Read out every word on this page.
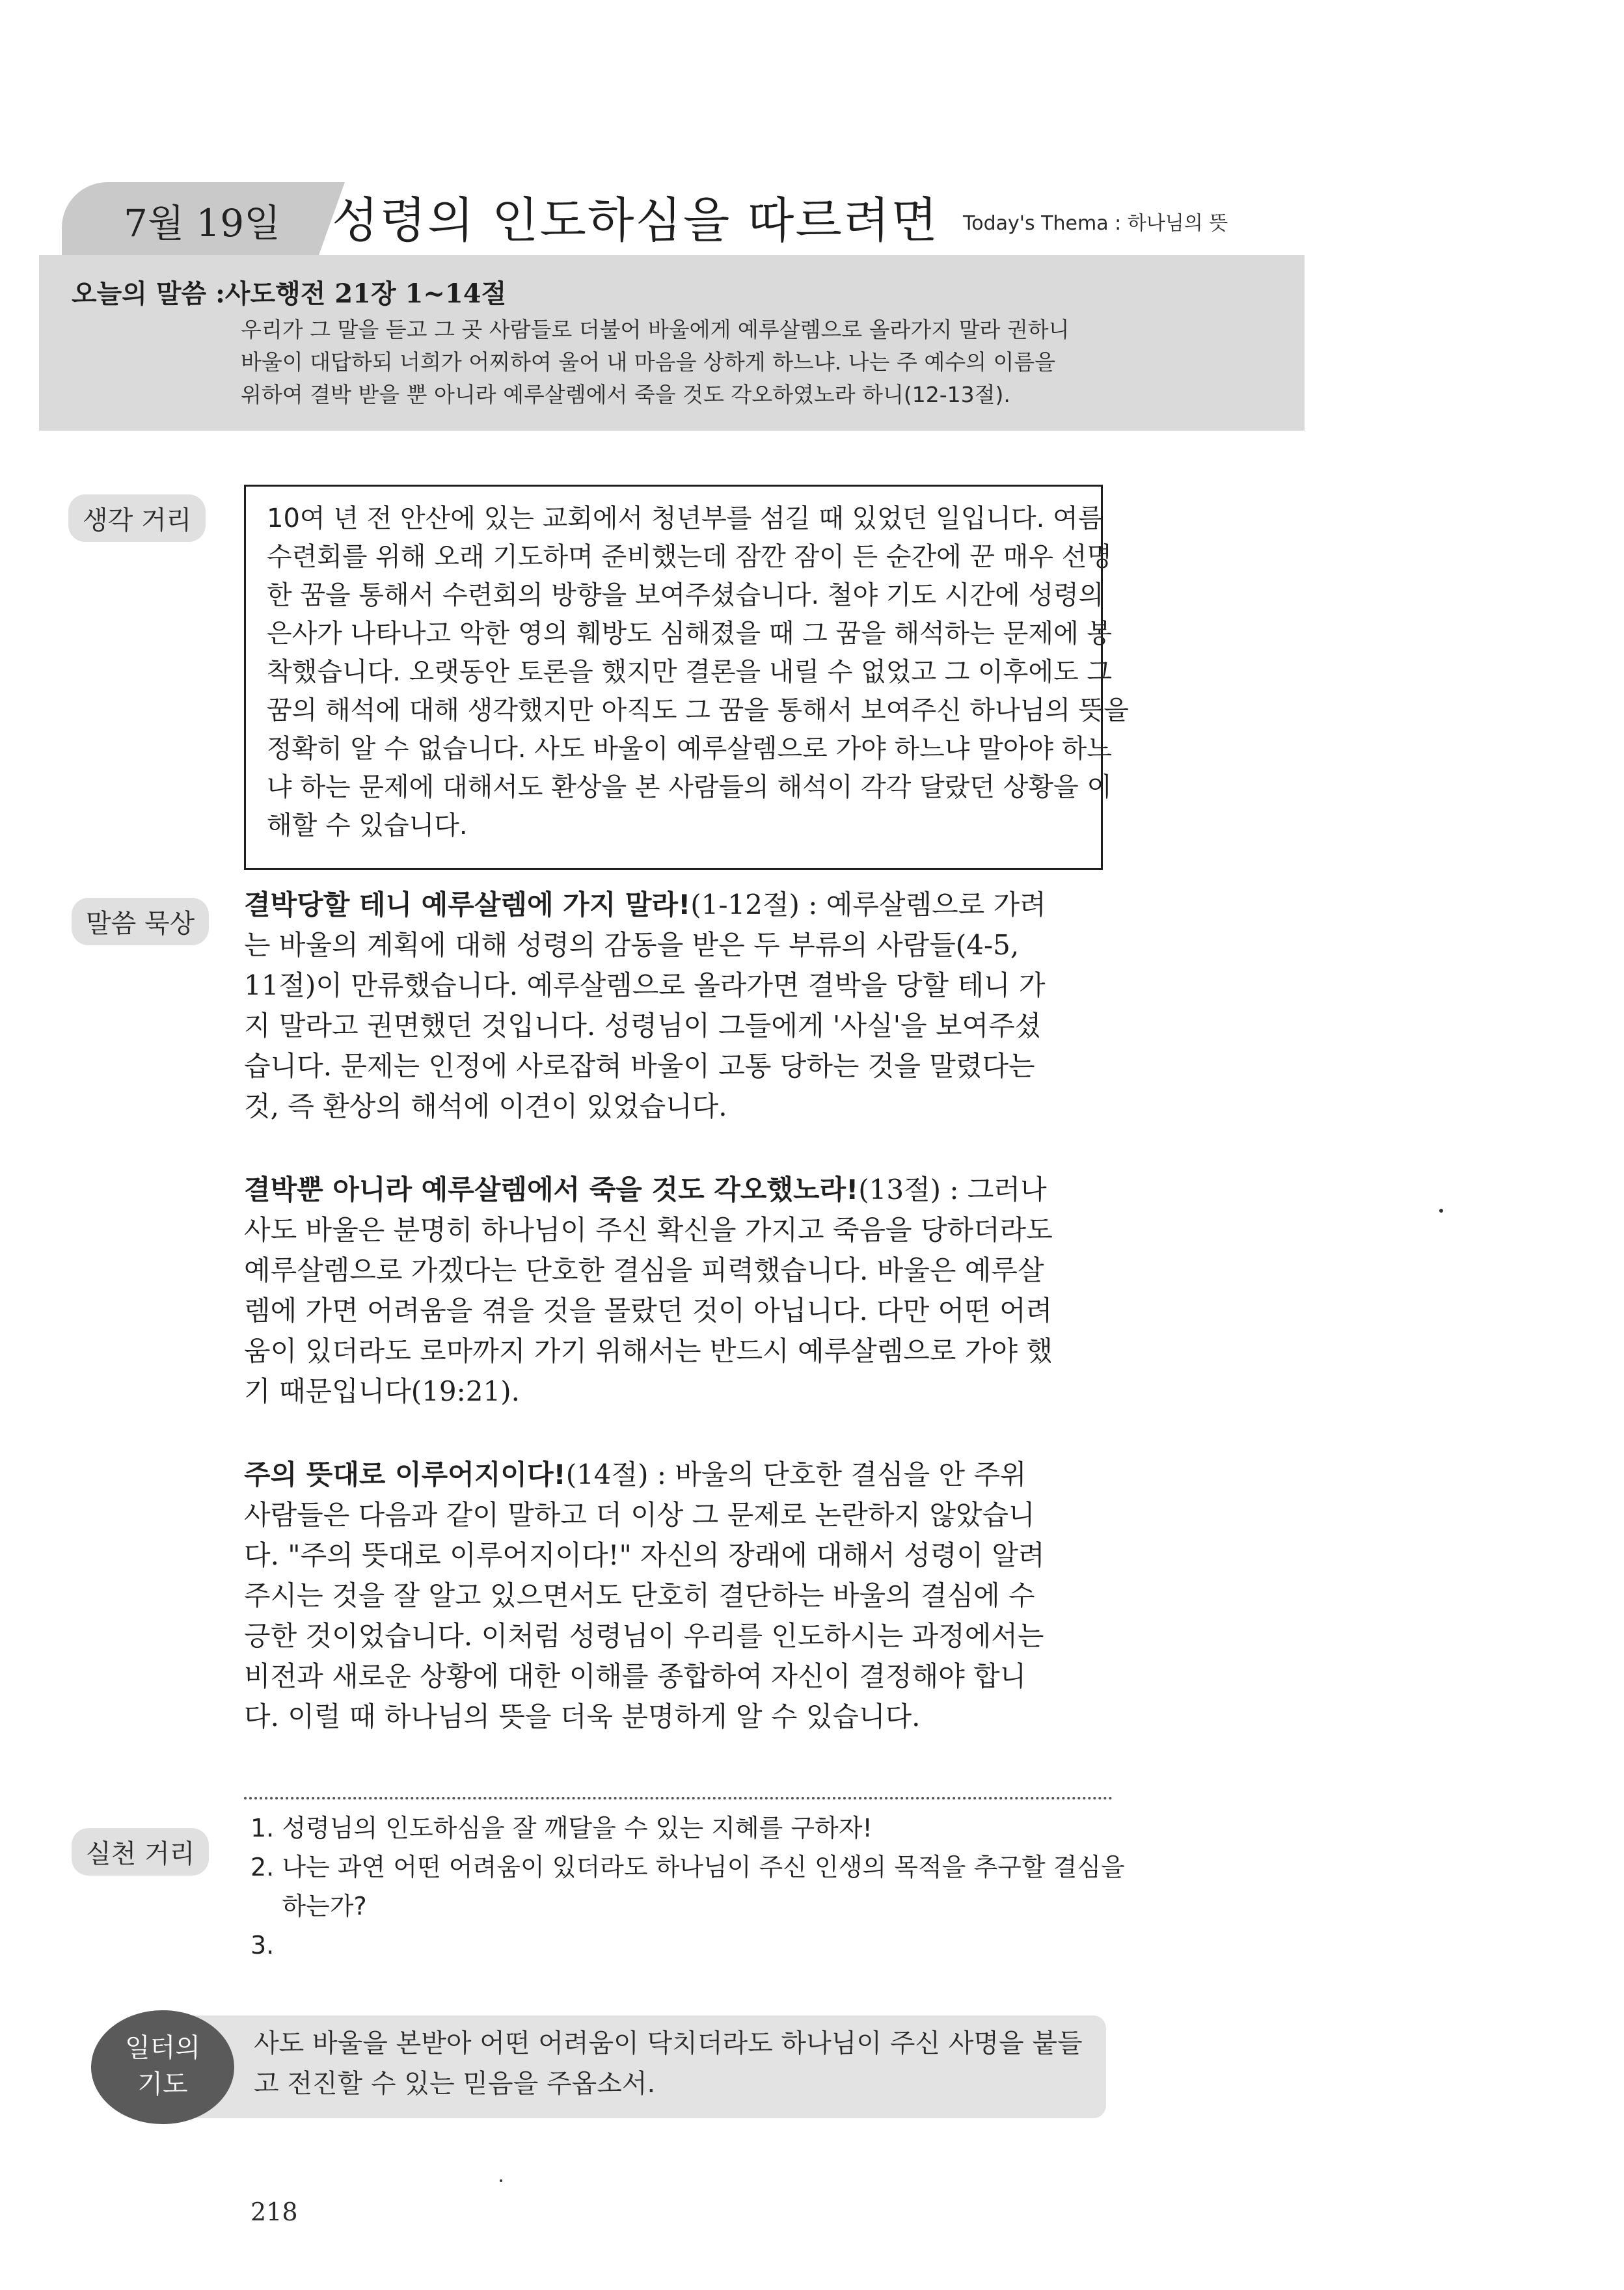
7월 19일	성령의 인도하심을 따르려면 Today's Thema : 하나님의 뜻
오늘의 말씀 :사도행전 21장 1~14절
우리가 그 말을 듣고 그 곳 사람들로 더불어 바울에게 예루살렘으로 올라가지 말라 권하니
바울이 대답하되 너희가 어찌하여 울어 내 마음을 상하게 하느냐. 나는 주 예수의 이름을
위하여 결박 받을 뿐 아니라 예루살렘에서 죽을 것도 각오하였노라 하니(12-13절).
생각 거리	10여 년 전 안산에 있는 교회에서 청년부를 섬길 때 있었던 일입니다. 여름
수련회를 위해 오래 기도하며 준비했는데 잠깐 잠이 든 순간에 꾼 매우 선명
한 꿈을 통해서 수련회의 방향을 보여주셨습니다. 철야 기도 시간에 성령의
은사가 나타나고 악한 영의 훼방도 심해졌을 때 그 꿈을 해석하는 문제에 봉
착했습니다. 오랫동안 토론을 했지만 결론을 내릴 수 없었고 그 이후에도 그
꿈의 해석에 대해 생각했지만 아직도 그 꿈을 통해서 보여주신 하나님의 뜻을
정확히 알 수 없습니다. 사도 바울이 예루살렘으로 가야 하느냐 말아야 하느
냐 하는 문제에 대해서도 환상을 본 사람들의 해석이 각각 달랐던 상황을 이
해할 수 있습니다.
말씀 묵상
결박당할 테니 예루살렘에 가지 말라!(1-12절) : 예루살렘으로 가려
는 바울의 계획에 대해 성령의 감동을 받은 두 부류의 사람들(4-5,
11절)이 만류했습니다. 예루살렘으로 올라가면 결박을 당할 테니 가
지 말라고 권면했던 것입니다. 성령님이 그들에게 '사실'을 보여주셨
습니다. 문제는 인정에 사로잡혀 바울이 고통 당하는 것을 말렸다는
것, 즉 환상의 해석에 이견이 있었습니다.
결박뿐 아니라 예루살렘에서 죽을 것도 각오했노라!(13절) : 그러나
사도 바울은 분명히 하나님이 주신 확신을 가지고 죽음을 당하더라도
예루살렘으로 가겠다는 단호한 결심을 피력했습니다. 바울은 예루살
렘에 가면 어려움을 겪을 것을 몰랐던 것이 아닙니다. 다만 어떤 어려
움이 있더라도 로마까지 가기 위해서는 반드시 예루살렘으로 가야 했
기 때문입니다(19:21).
주의 뜻대로 이루어지이다!(14절) : 바울의 단호한 결심을 안 주위
사람들은 다음과 같이 말하고 더 이상 그 문제로 논란하지 않았습니
다. "주의 뜻대로 이루어지이다!" 자신의 장래에 대해서 성령이 알려
주시는 것을 잘 알고 있으면서도 단호히 결단하는 바울의 결심에 수
긍한 것이었습니다. 이처럼 성령님이 우리를 인도하시는 과정에서는
비전과 새로운 상황에 대한 이해를 종합하여 자신이 결정해야 합니
다. 이럴 때 하나님의 뜻을 더욱 분명하게 알 수 있습니다.
실천 거리
1. 성령님의 인도하심을 잘 깨달을 수 있는 지혜를 구하자!
2. 나는 과연 어떤 어려움이 있더라도 하나님이 주신 인생의 목적을 추구할 결심을
하는가?
3.
일터의
기도
사도 바울을 본받아 어떤 어려움이 닥치더라도 하나님이 주신 사명을 붙들
고 전진할 수 있는 믿음을 주옵소서.
218
